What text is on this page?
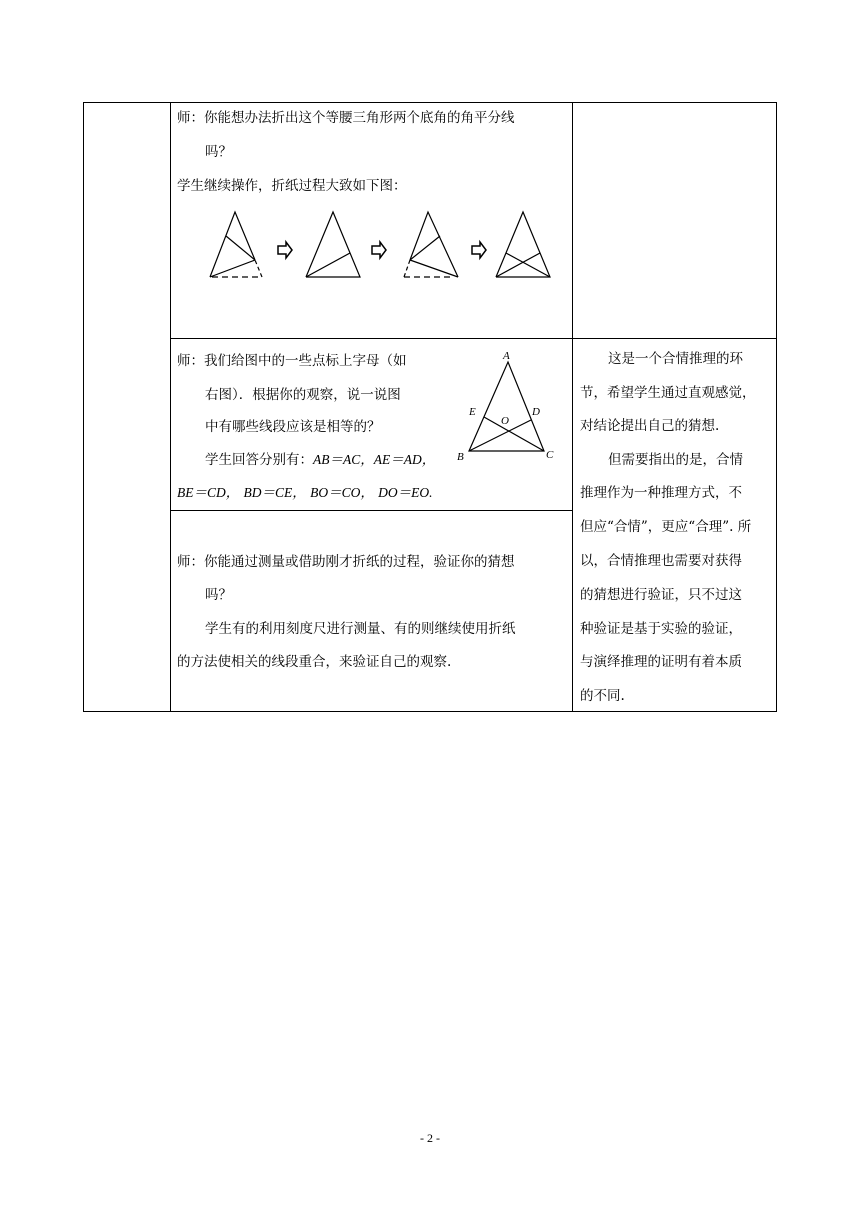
师：你能想办法折出这个等腰三角形两个底角的角平分线
吗？
学生继续操作，折纸过程大致如下图：
师：我们给图中的一些点标上字母（如
右图）．根据你的观察，说一说图
中有哪些线段应该是相等的？
学生回答分别有：AB＝AC，AE＝AD，
BE＝CD， BD＝CE， BO＝CO， DO＝EO.
A
B	C
D
E
O
师：你能通过测量或借助刚才折纸的过程，验证你的猜想
吗？
学生有的利用刻度尺进行测量、有的则继续使用折纸
的方法使相关的线段重合，来验证自己的观察.
这是一个合情推理的环
节，希望学生通过直观感觉，
对结论提出自己的猜想.
但需要指出的是，合情
推理作为一种推理方式，不
但应“合情”，更应“合理”. 所
以，合情推理也需要对获得
的猜想进行验证，只不过这
种验证是基于实验的验证，
与演绎推理的证明有着本质
的不同.
- 2 -
